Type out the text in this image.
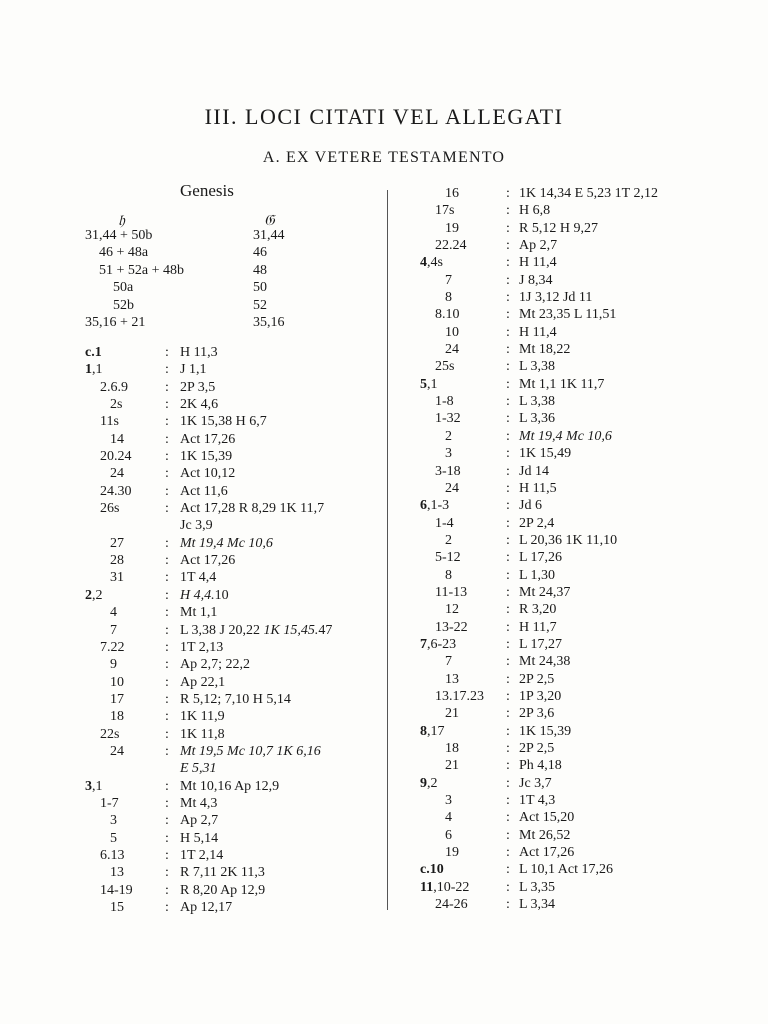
III. LOCI CITATI VEL ALLEGATI
A. EX VETERE TESTAMENTO
Genesis
𝔥	𝔊
31,44 + 50b	31,44
46 + 48a	46
51 + 52a + 48b	48
50a	50
52b	52
35,16 + 21	35,16
c.1	: H 11,3
1,1	: J 1,1
2.6.9	: 2P 3,5
2s	: 2K 4,6
11s	: 1K 15,38 H 6,7
14	: Act 17,26
20.24 : 1K 15,39
24	: Act 10,12
24.30 : Act 11,6
26s	: Act 17,28 R 8,29 1K 11,7
Jc 3,9
27	: Mt 19,4 Mc 10,6
28	: Act 17,26
31	: 1T 4,4
2,2	: H 4,4.10
4	: Mt 1,1
7	: L 3,38 J 20,22 1K 15,45.47
7.22	: 1T 2,13
9	: Ap 2,7; 22,2
10	: Ap 22,1
17	: R 5,12; 7,10 H 5,14
18	: 1K 11,9
22s	: 1K 11,8
24	: Mt 19,5 Mc 10,7 1K 6,16
E 5,31
3,1	: Mt 10,16 Ap 12,9
1-7	: Mt 4,3
3	: Ap 2,7
5	: H 5,14
6.13	: 1T 2,14
13	: R 7,11 2K 11,3
14-19 : R 8,20 Ap 12,9
15	: Ap 12,17
16	: 1K 14,34 E 5,23 1T 2,12
17s	: H 6,8
19	: R 5,12 H 9,27
22.24	: Ap 2,7
4,4s	: H 11,4
7	: J 8,34
8	: 1J 3,12 Jd 11
8.10	: Mt 23,35 L 11,51
10	: H 11,4
24	: Mt 18,22
25s	: L 3,38
5,1	: Mt 1,1 1K 11,7
1-8	: L 3,38
1-32	: L 3,36
2	: Mt 19,4 Mc 10,6
3	: 1K 15,49
3-18	: Jd 14
24	: H 11,5
6,1-3	: Jd 6
1-4	: 2P 2,4
2	: L 20,36 1K 11,10
5-12	: L 17,26
8	: L 1,30
11-13	: Mt 24,37
12	: R 3,20
13-22	: H 11,7
7,6-23	: L 17,27
7	: Mt 24,38
13	: 2P 2,5
13.17.23 : 1P 3,20
21	: 2P 3,6
8,17	: 1K 15,39
18	: 2P 2,5
21	: Ph 4,18
9,2	: Jc 3,7
3	: 1T 4,3
4	: Act 15,20
6	: Mt 26,52
19	: Act 17,26
c.10	: L 10,1 Act 17,26
11,10-22	: L 3,35
24-26	: L 3,34
